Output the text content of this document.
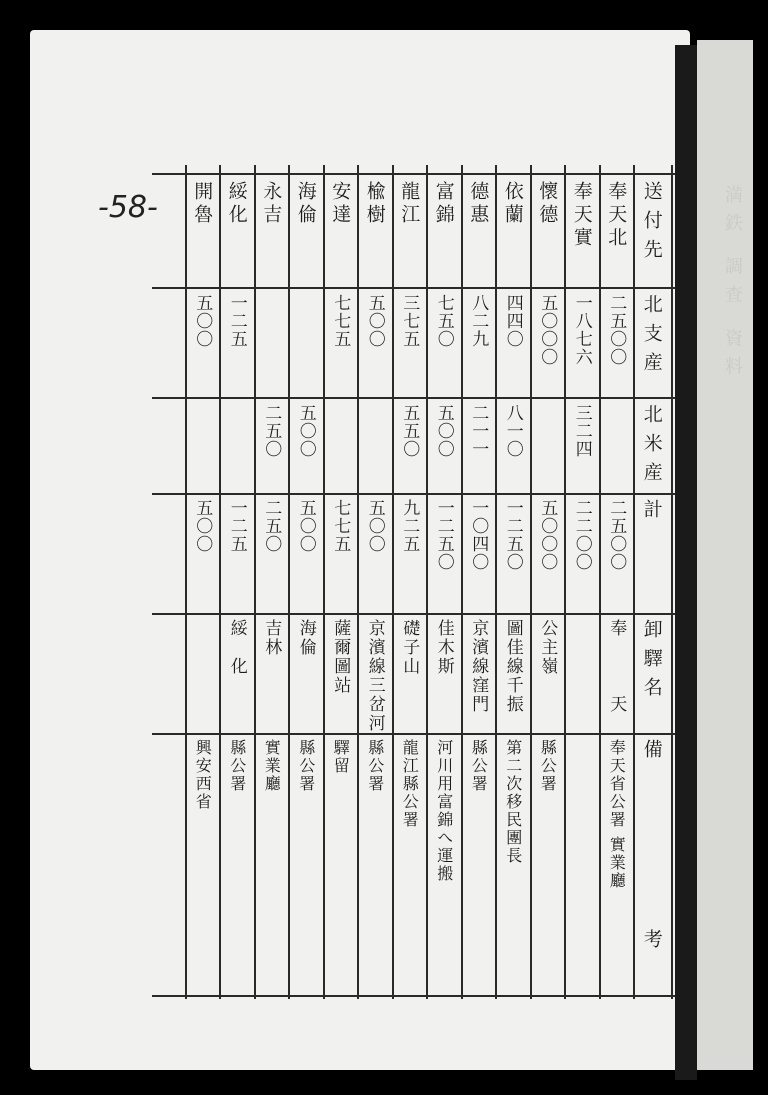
満鉄 調査 資料
-58-	送付先
北支産
北米産
計
卸驛名
備
考
奉天北
二五〇〇
二五〇〇
奉　　　天
奉天省公署 實業廳
奉天實
一八七六
三二四
二二〇〇
懷德
五〇〇〇
五〇〇〇
公主嶺
縣公署
依蘭
四四〇
八一〇
一二五〇
圖佳線千振
第二次移民團長
德惠
八二九
二一一
一〇四〇
京濱線窪門
縣公署
富錦
七五〇
五〇〇
一二五〇
佳木斯
河川用富錦へ運搬
龍江
三七五
五五〇
九二五
礎子山
龍江縣公署
楡樹
五〇〇
五〇〇
京濱線三岔河
縣公署
安達
七七五
七七五
薩爾圖站
驛留
海倫
五〇〇
五〇〇
海倫
縣公署
永吉
二五〇
二五〇
吉林
實業廳
綏化
一二五
一二五
綏　化
縣公署
開魯
五〇〇
五〇〇
興安西省
